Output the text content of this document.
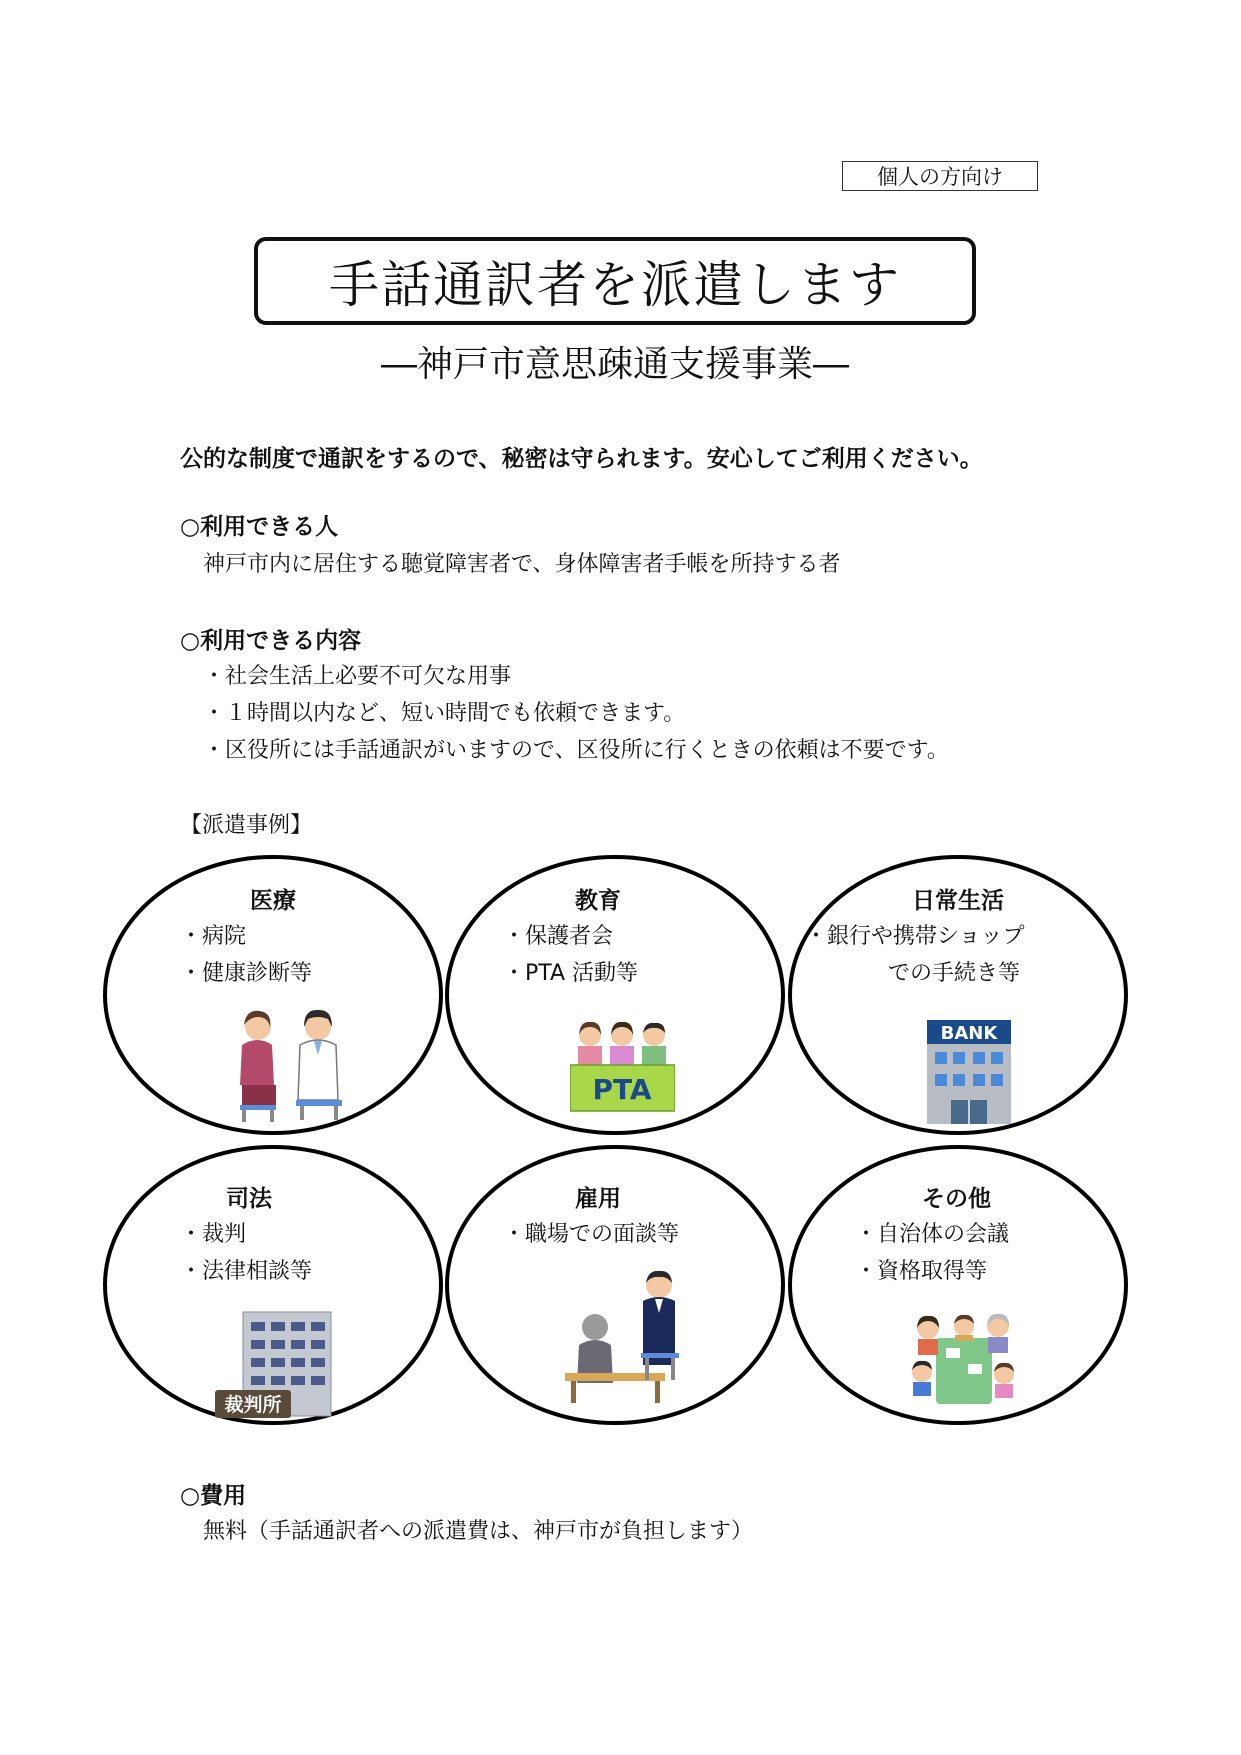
個人の方向け
手話通訳者を派遣します
―神戸市意思疎通支援事業―
公的な制度で通訳をするので、秘密は守られます。安心してご利用ください。
○利用できる人
神戸市内に居住する聴覚障害者で、身体障害者手帳を所持する者
○利用できる内容
・ 社会生活上必要不可欠な用事
・ １時間以内など、短い時間でも依頼できます。
・ 区役所には手話通訳がいますので、区役所に行くときの依頼は不要です。
【派遣事例】
医療
・病院
・健康診断等
教育
・保護者会
・PTA 活動等
PTA
日常生活
・銀行や携帯ショップ
での手続き等
BANK
司法
・裁判
・法律相談等
裁判所
雇用
・職場での面談等
その他
・自治体の会議
・資格取得等
○費用
無料（手話通訳者への派遣費は、神戸市が負担します）
